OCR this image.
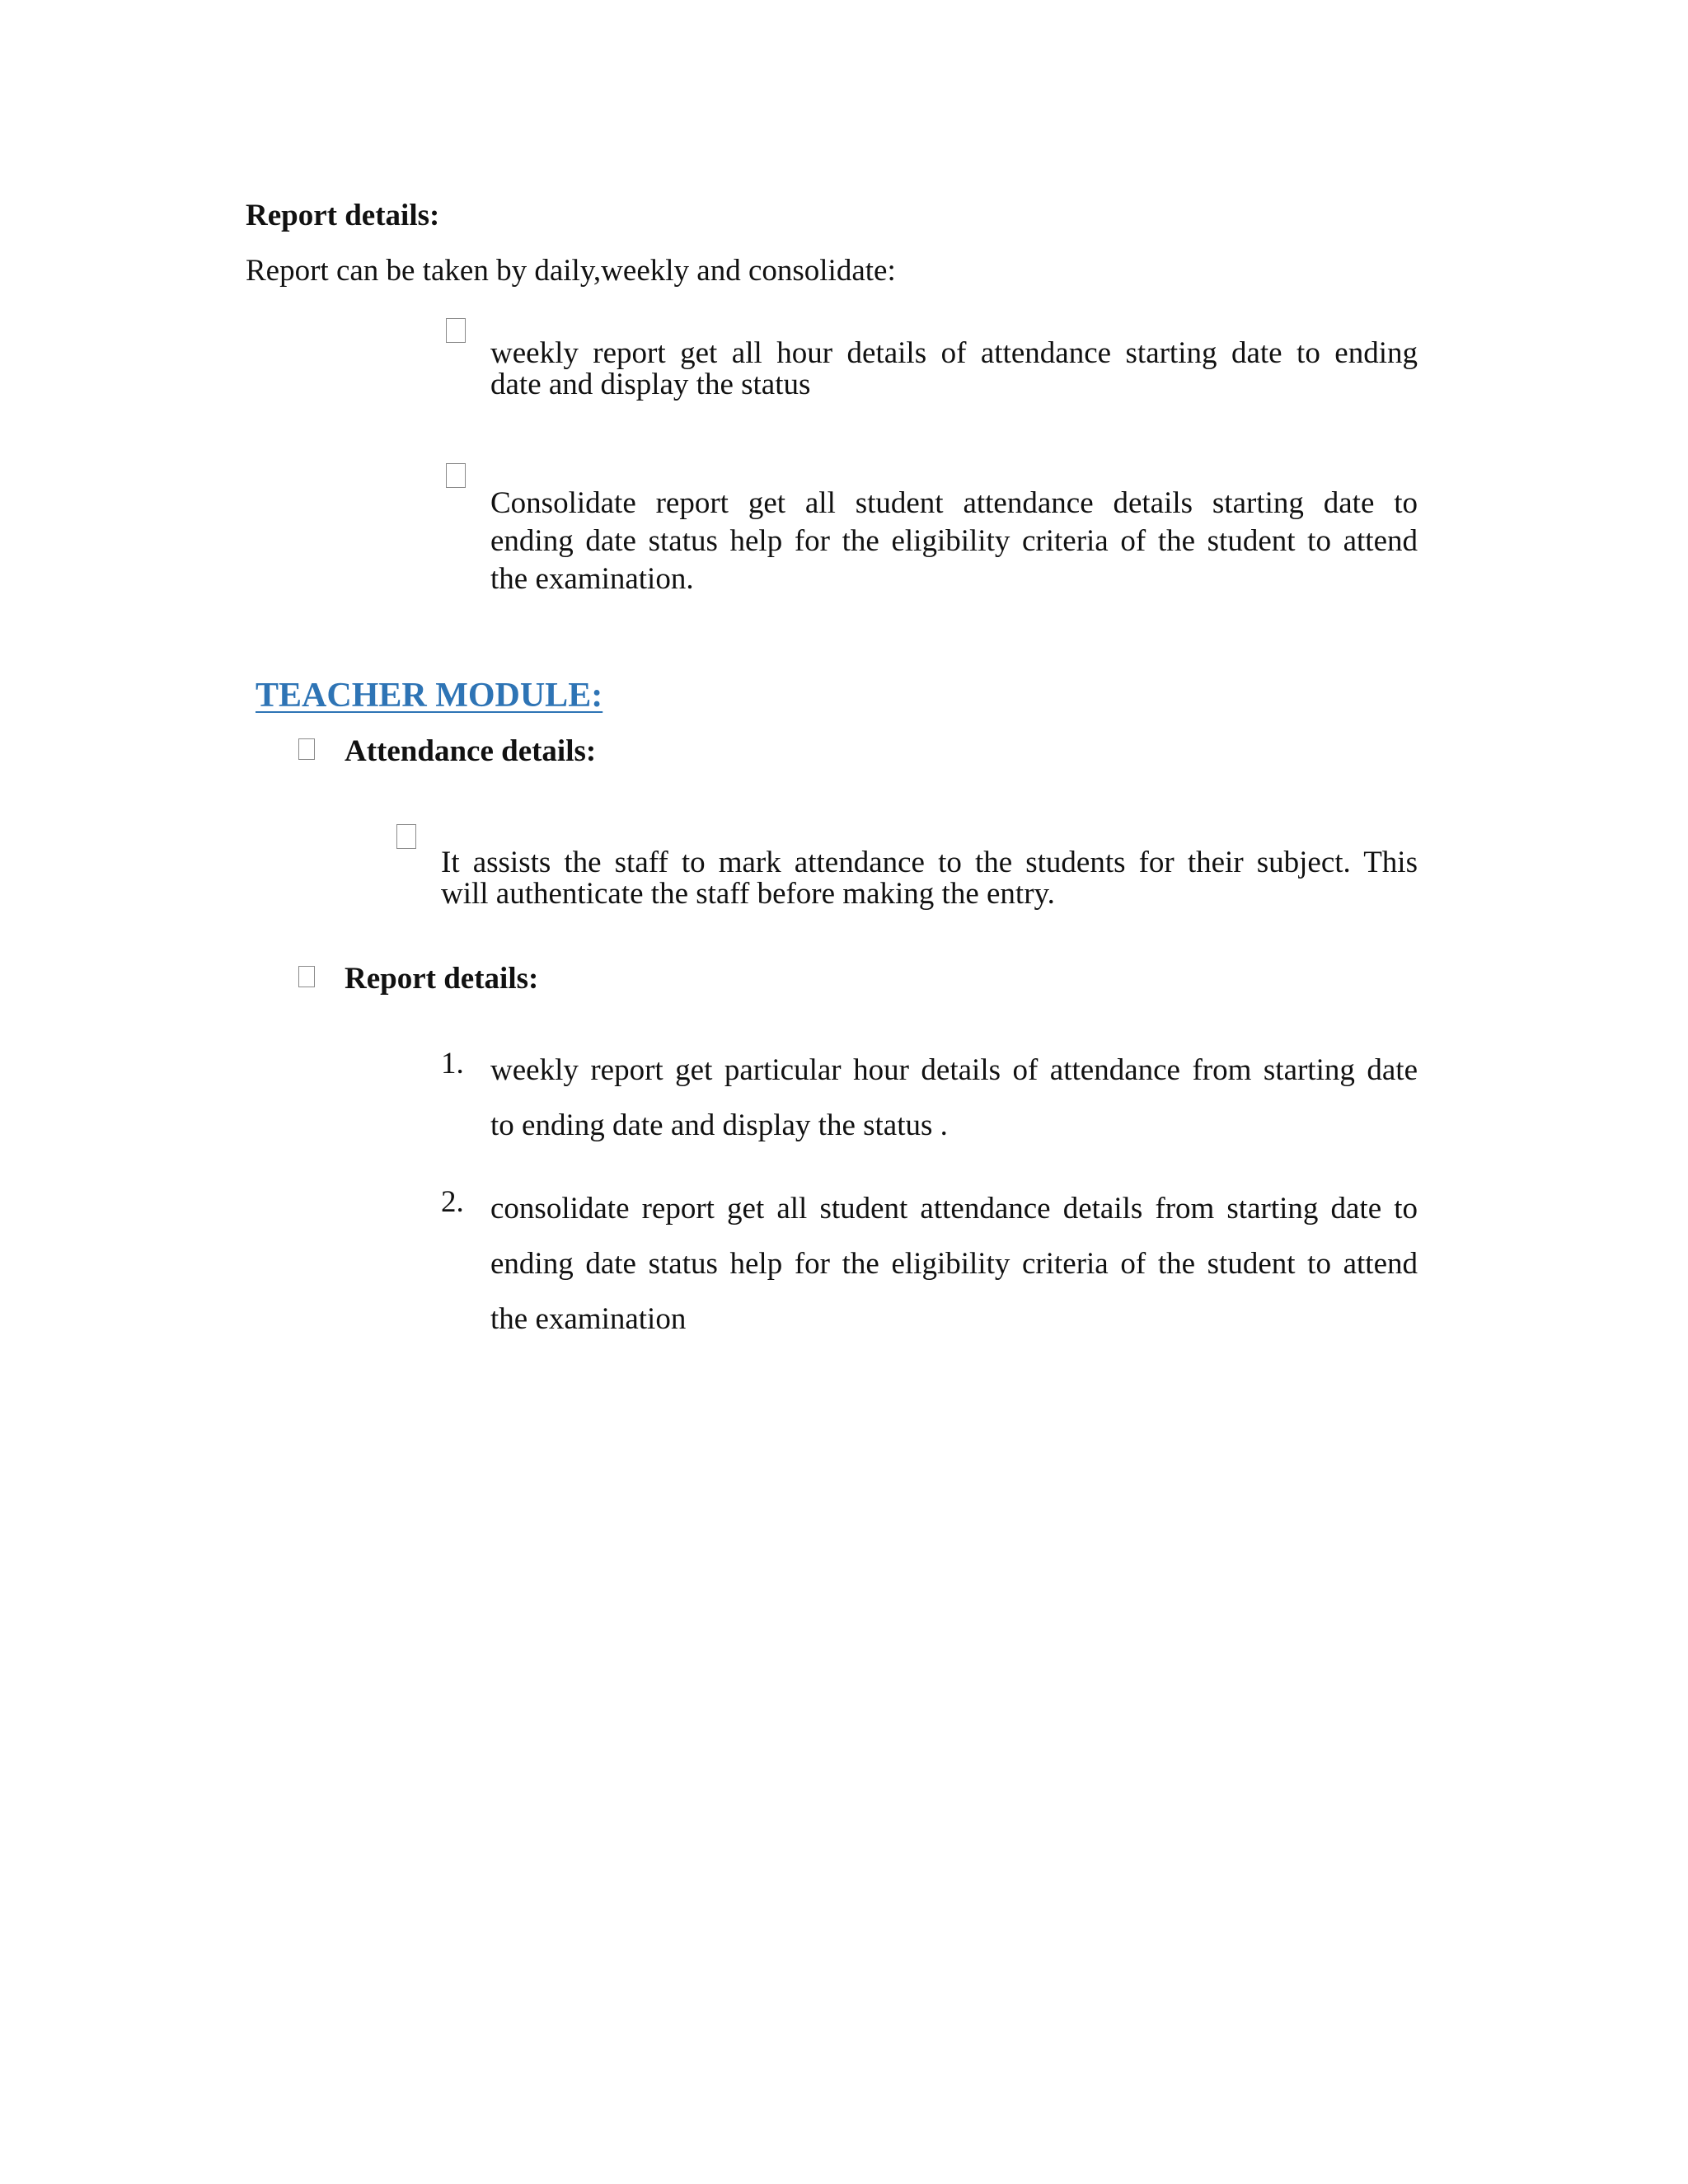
Report details:
Report can be taken by daily,weekly and consolidate:
weekly report get all hour details of attendance starting date to ending
date and display the status
Consolidate report get all student attendance details starting date to
ending date status help for the eligibility criteria of the student to attend
the examination.
TEACHER MODULE:
Attendance details:
It assists the staff to mark attendance to the students for their subject. This
will authenticate the staff before making the entry.
Report details:
1. weekly report get particular hour details of attendance from starting date
to ending date and display the status .
2. consolidate report get all student attendance details from starting date to
ending date status help for the eligibility criteria of the student to attend
the examination
